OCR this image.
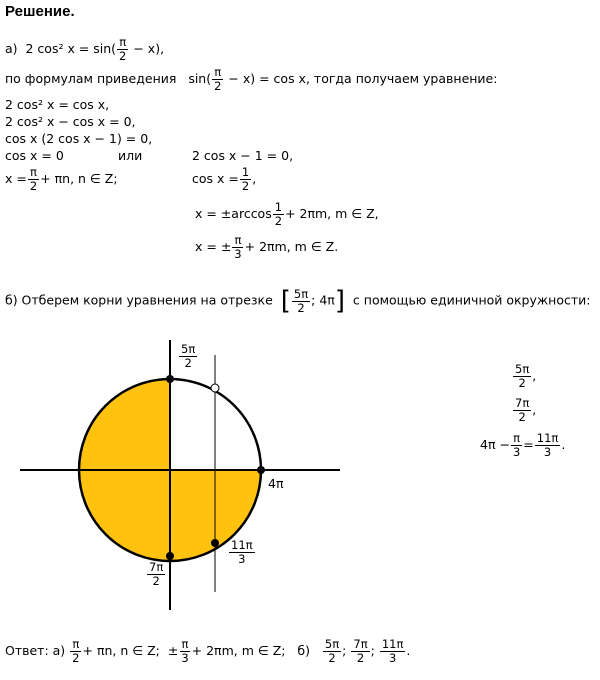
Решение.
а) 2 cos² $x = \sin( \frac{\pi}{2} - x)$,
по формулам приведения $\sin( \frac{\pi}{2} - x) = \cos x$, тогда получаем уравнение:
2 cos² x = cos x,
2 cos² x − cos x = 0,
cos x (2 cos x − 1) = 0,
cos x = 0	или	2 cos x − 1 = 0,
$x = \frac{\pi}{2} + \pi n$, n ∈ Z;	$\cos x = \frac{1}{2}$ ,
$x = \pm\arccos \frac{1}{2} + 2\pi m$, m ∈ Z,
x = ± $\frac{\pi}{3} + 2\pi m$, m ∈ Z.
б) Отберем корни уравнения на отрезке [ $\frac{5\pi}{2}$ ; 4π] с помощью единичной окружности:
$\frac{5\pi}{2}$
4π
$\frac{11\pi}{3}$
$\frac{7\pi}{2}$
$\frac{5\pi}{2}$ ,
$\frac{7\pi}{2}$ ,
$4\pi - \frac{\pi}{3} = \frac{11\pi}{3}$ .
Ответ: $а) \frac{\pi}{2} + \pi n$, n ∈ Z; ± $\frac{\pi}{3} + 2\pi m$, m ∈ Z; $б) \frac{5\pi}{2}$ ; $\frac{7\pi}{2}$ ; $\frac{11\pi}{3}$ .
